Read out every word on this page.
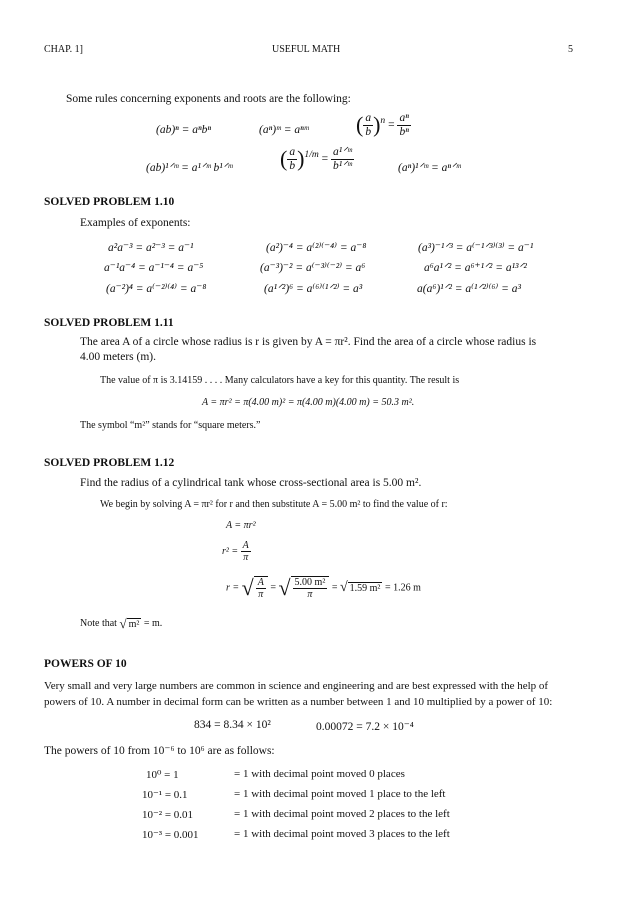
CHAP. 1]	USEFUL MATH	5
Some rules concerning exponents and roots are the following:
(ab)ⁿ = aⁿbⁿ	(aⁿ)ᵐ = aⁿᵐ ( $\frac{a}{b} )^n = \frac{\text{aⁿ}}{\text{bⁿ}}$
(ab)¹ᐟᵐ = a¹ᐟᵐ b¹ᐟᵐ ( $\frac{a}{b} )^{1/m} = \frac{\text{a¹ᐟᵐ}}{\text{b¹ᐟᵐ}}$	(aⁿ)¹ᐟᵐ = aⁿᐟᵐ
SOLVED PROBLEM 1.10
Examples of exponents:
a²a⁻³ = a²⁻³ = a⁻¹	(a²)⁻⁴ = a⁽²⁾⁽⁻⁴⁾ = a⁻⁸	(a³)⁻¹ᐟ³ = a⁽⁻¹ᐟ³⁾⁽³⁾ = a⁻¹
a⁻¹a⁻⁴ = a⁻¹⁻⁴ = a⁻⁵	(a⁻³)⁻² = a⁽⁻³⁾⁽⁻²⁾ = a⁶	a⁶a¹ᐟ² = a⁶⁺¹ᐟ² = a¹³ᐟ²
(a⁻²)⁴ = a⁽⁻²⁾⁽⁴⁾ = a⁻⁸	(a¹ᐟ²)⁶ = a⁽⁶⁾⁽¹ᐟ²⁾ = a³	a(a⁶)¹ᐟ² = a⁽¹ᐟ²⁾⁽⁶⁾ = a³
SOLVED PROBLEM 1.11
The area A of a circle whose radius is r is given by A = πr². Find the area of a circle whose radius is
4.00 meters (m).
The value of π is 3.14159 . . . . Many calculators have a key for this quantity. The result is
A = πr² = π(4.00 m)² = π(4.00 m)(4.00 m) = 50.3 m².
The symbol “m²” stands for “square meters.”
SOLVED PROBLEM 1.12
Find the radius of a cylindrical tank whose cross-sectional area is 5.00 m².
We begin by solving A = πr² for r and then substitute A = 5.00 m² to find the value of r:
A = πr²
$r^2 = \frac{A}{\pi}$
r = √ $\frac{A}{\pi}$ = √ $\frac{\text{5.00 m²}}{\pi}$ = √ 1.59 m² = 1.26 m
Note that √ m² = m.
POWERS OF 10
Very small and very large numbers are common in science and engineering and are best expressed with the help of
powers of 10. A number in decimal form can be written as a number between 1 and 10 multiplied by a power of 10:
834 = 8.34 × 10²	0.00072 = 7.2 × 10⁻⁴
The powers of 10 from 10⁻⁶ to 10⁶ are as follows:
10⁰ = 1	= 1 with decimal point moved 0 places
10⁻¹ = 0.1	= 1 with decimal point moved 1 place to the left
10⁻² = 0.01	= 1 with decimal point moved 2 places to the left
10⁻³ = 0.001	= 1 with decimal point moved 3 places to the left
